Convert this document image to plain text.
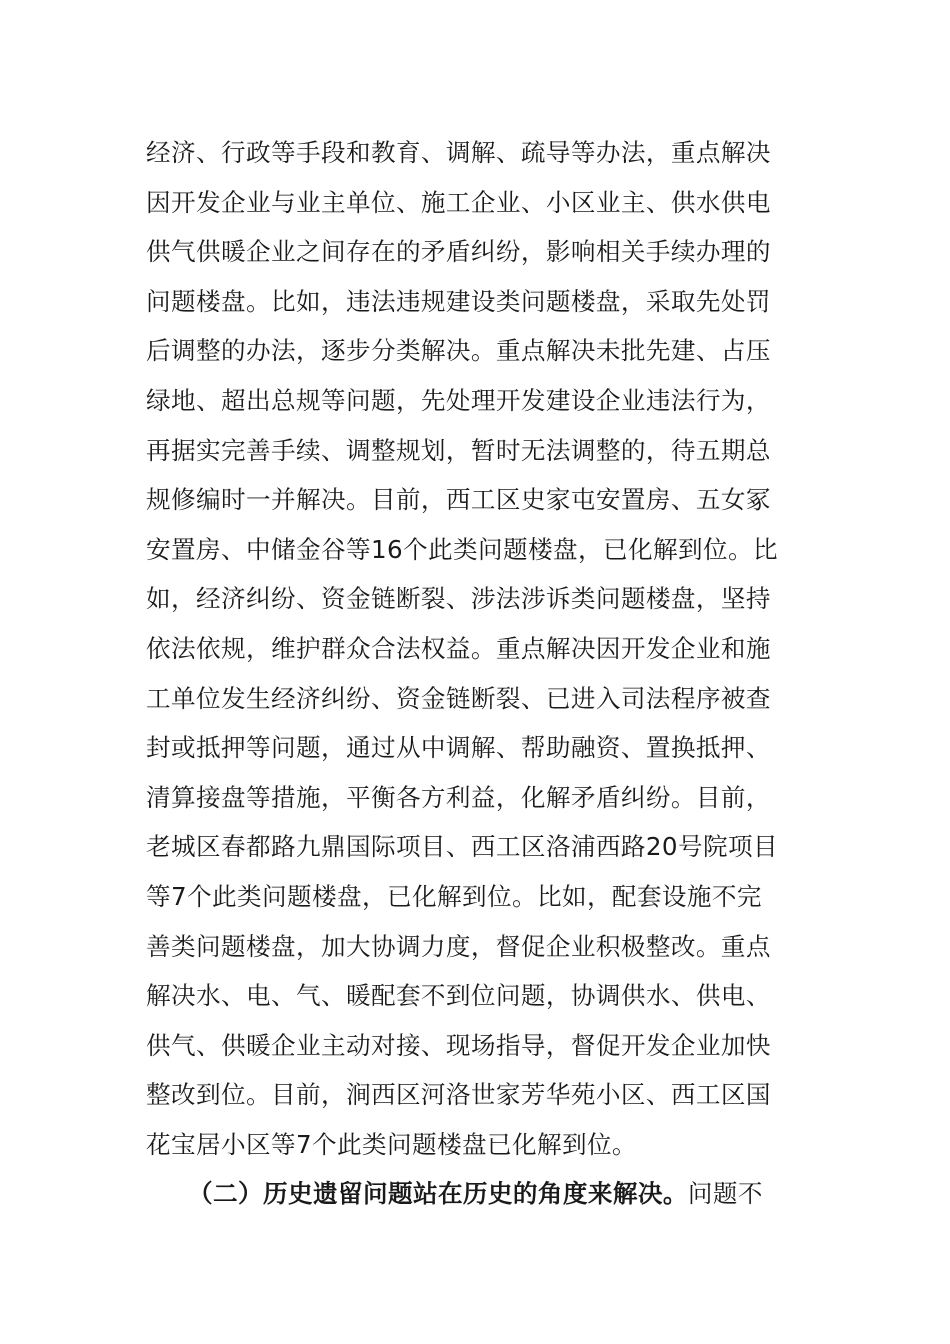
经济、行政等手段和教育、调解、疏导等办法，重点解决
因开发企业与业主单位、施工企业、小区业主、供水供电
供气供暖企业之间存在的矛盾纠纷，影响相关手续办理的
问题楼盘。比如，违法违规建设类问题楼盘，采取先处罚
后调整的办法，逐步分类解决。重点解决未批先建、占压
绿地、超出总规等问题，先处理开发建设企业违法行为，
再据实完善手续、调整规划，暂时无法调整的，待五期总
规修编时一并解决。目前，西工区史家屯安置房、五女冢
安置房、中储金谷等16个此类问题楼盘，已化解到位。比
如，经济纠纷、资金链断裂、涉法涉诉类问题楼盘，坚持
依法依规，维护群众合法权益。重点解决因开发企业和施
工单位发生经济纠纷、资金链断裂、已进入司法程序被查
封或抵押等问题，通过从中调解、帮助融资、置换抵押、
清算接盘等措施，平衡各方利益，化解矛盾纠纷。目前，
老城区春都路九鼎国际项目、西工区洛浦西路20号院项目
等7个此类问题楼盘，已化解到位。比如，配套设施不完
善类问题楼盘，加大协调力度，督促企业积极整改。重点
解决水、电、气、暖配套不到位问题，协调供水、供电、
供气、供暖企业主动对接、现场指导，督促开发企业加快
整改到位。目前，涧西区河洛世家芳华苑小区、西工区国
花宝居小区等7个此类问题楼盘已化解到位。
（二）历史遗留问题站在历史的角度来解决。问题不
